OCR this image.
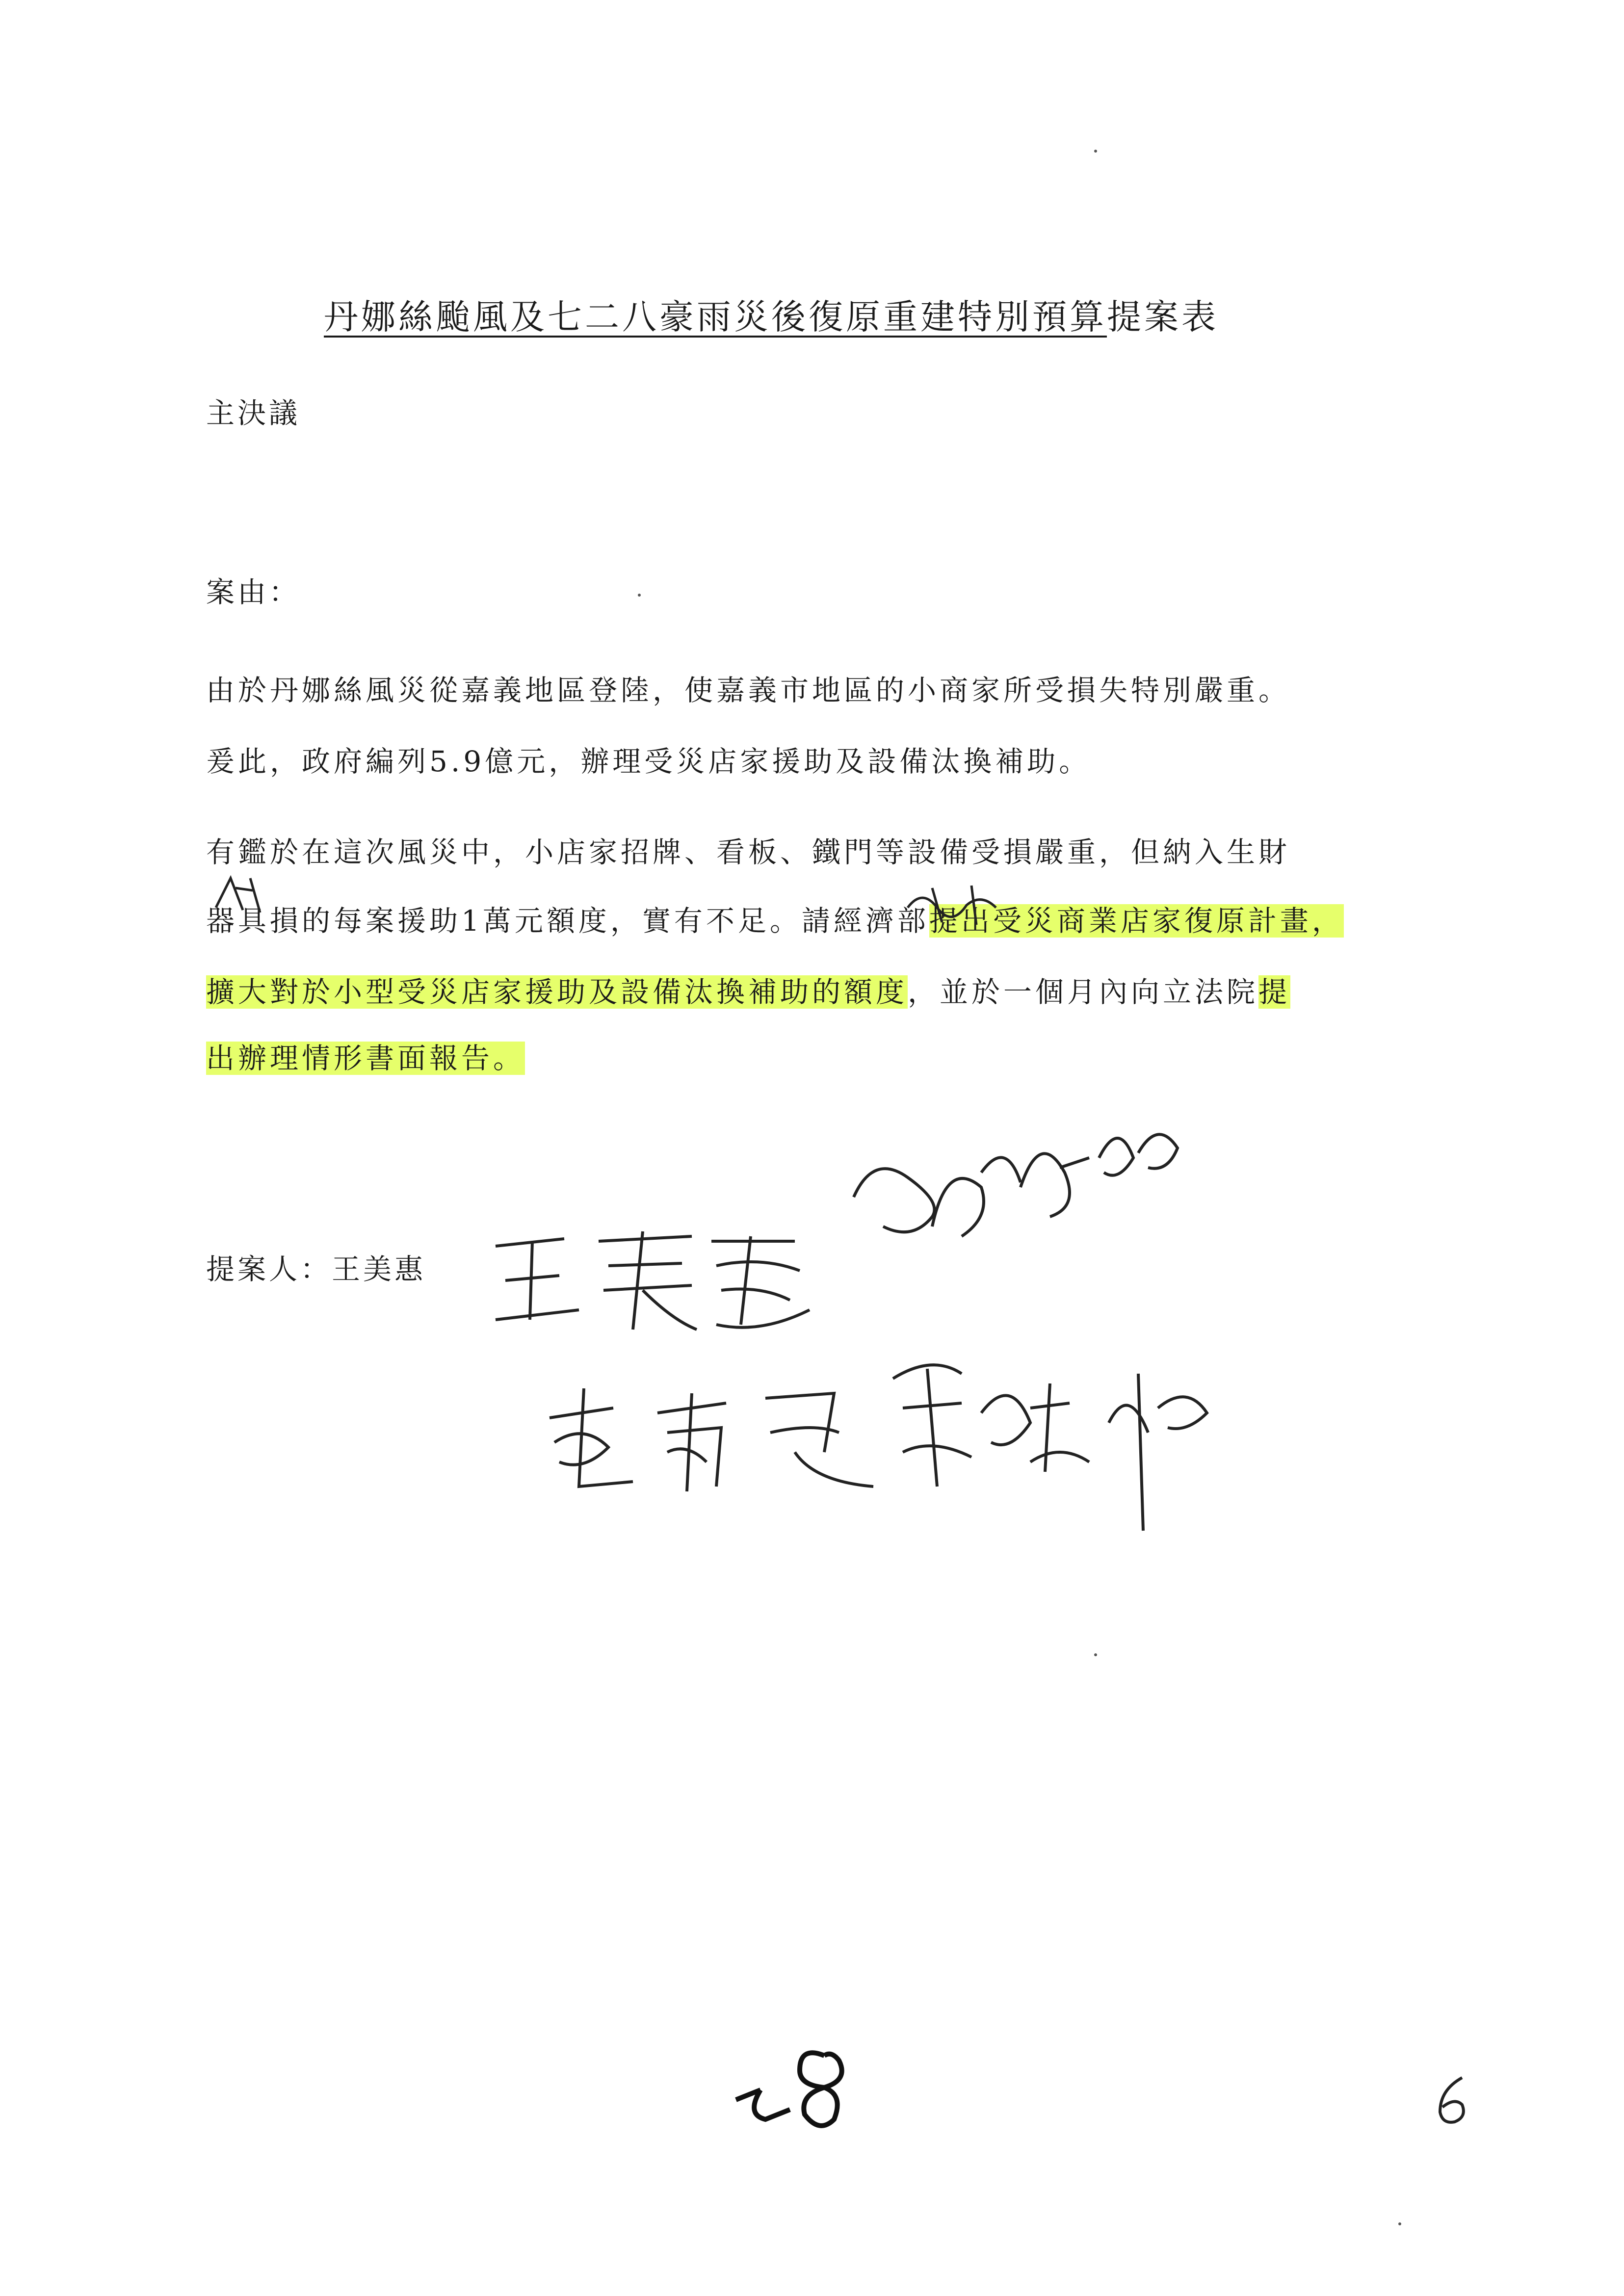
丹娜絲颱風及七二八豪雨災後復原重建特別預算提案表
主決議
案由：
由於丹娜絲風災從嘉義地區登陸，使嘉義市地區的小商家所受損失特別嚴重。
爰此，政府編列5.9億元，辦理受災店家援助及設備汰換補助。
有鑑於在這次風災中，小店家招牌、看板、鐵門等設備受損嚴重，但納入生財
器具損的每案援助1萬元額度，實有不足。請經濟部提出受災商業店家復原計畫，
擴大對於小型受災店家援助及設備汰換補助的額度，並於一個月內向立法院提
出辦理情形書面報告。
提案人：王美惠
